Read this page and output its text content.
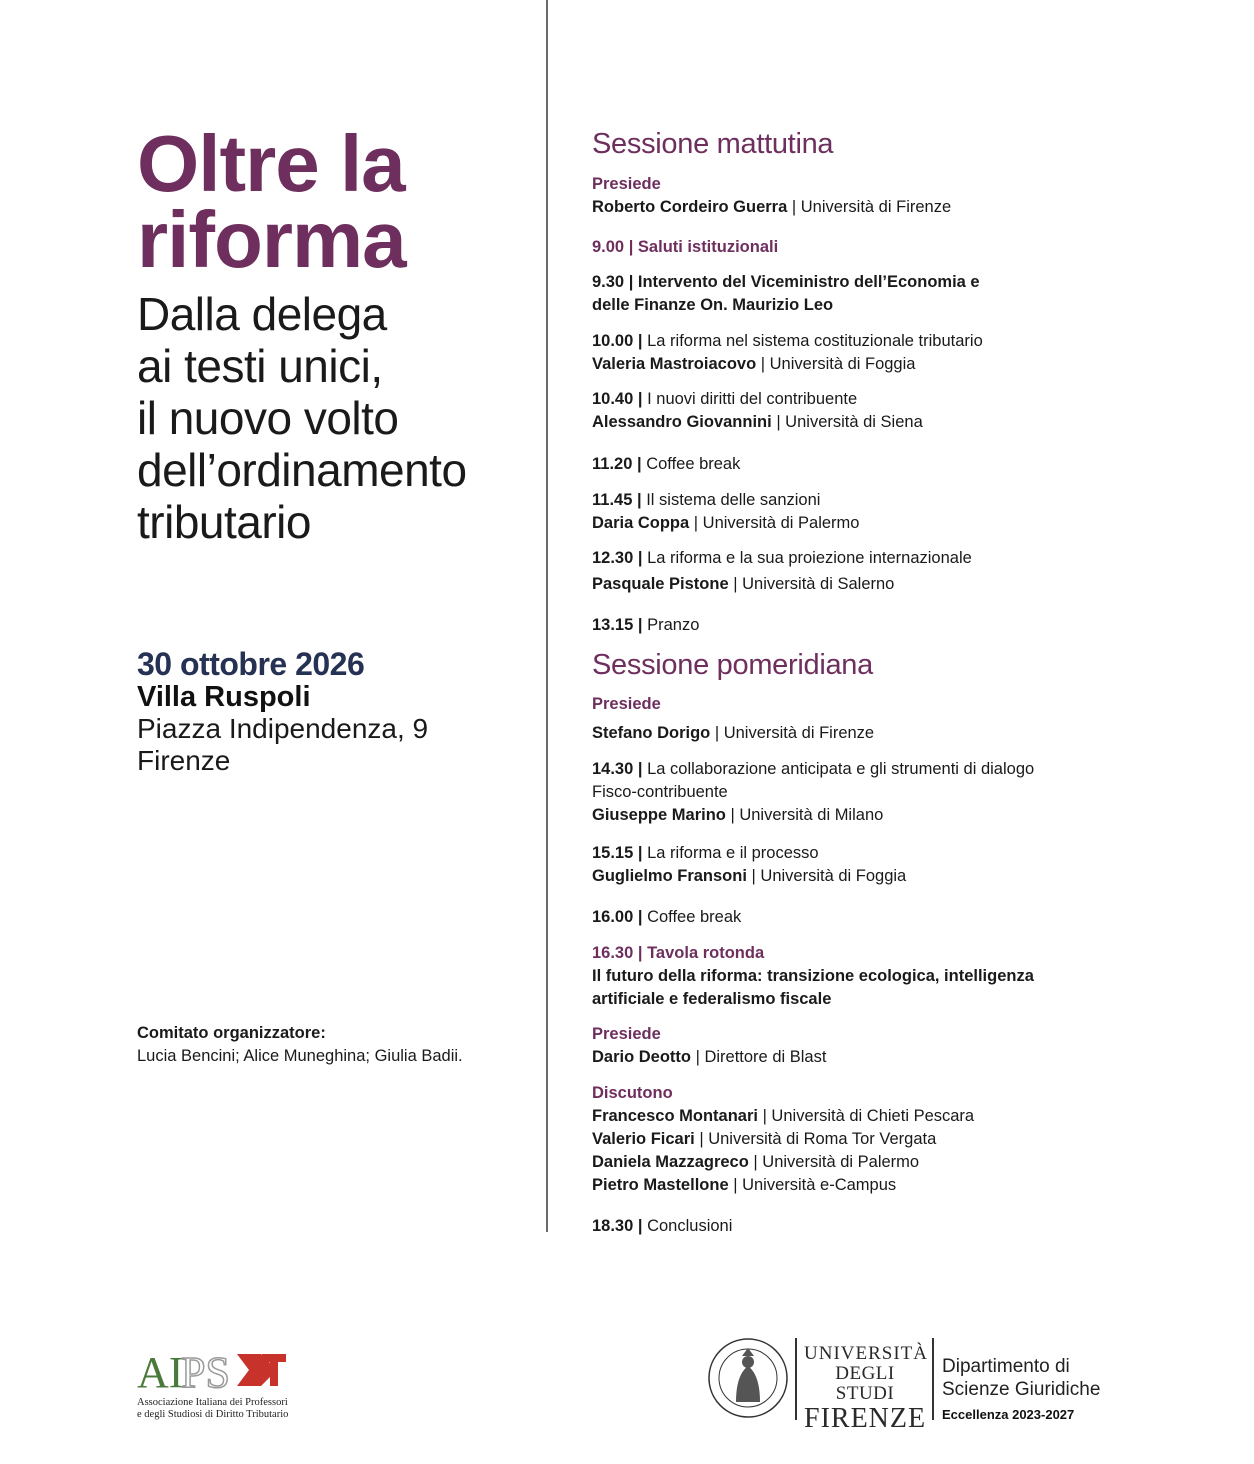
Oltre la
riforma
Dalla delega
ai testi unici,
il nuovo volto
dell’ordinamento
tributario
30 ottobre 2026
Villa Ruspoli
Piazza Indipendenza, 9
Firenze
Comitato organizzatore:
Lucia Bencini; Alice Muneghina; Giulia Badii.
Sessione mattutina
Presiede
Roberto Cordeiro Guerra | Università di Firenze
9.00 | Saluti istituzionali
9.30 | Intervento del Viceministro dell’Economia e
delle Finanze On. Maurizio Leo
10.00 | La riforma nel sistema costituzionale tributario
Valeria Mastroiacovo | Università di Foggia
10.40 | I nuovi diritti del contribuente
Alessandro Giovannini | Università di Siena
11.20 | Coffee break
11.45 | Il sistema delle sanzioni
Daria Coppa | Università di Palermo
12.30 | La riforma e la sua proiezione internazionale
Pasquale Pistone | Università di Salerno
13.15 | Pranzo
Sessione pomeridiana
Presiede
Stefano Dorigo | Università di Firenze
14.30 | La collaborazione anticipata e gli strumenti di dialogo
Fisco-contribuente
Giuseppe Marino | Università di Milano
15.15 | La riforma e il processo
Guglielmo Fransoni | Università di Foggia
16.00 | Coffee break
16.30 | Tavola rotonda
Il futuro della riforma: transizione ecologica, intelligenza
artificiale e federalismo fiscale
Presiede
Dario Deotto | Direttore di Blast
Discutono
Francesco Montanari | Università di Chieti Pescara
Valerio Ficari | Università di Roma Tor Vergata
Daniela Mazzagreco | Università di Palermo
Pietro Mastellone | Università e-Campus
18.30 | Conclusioni
AI
PS
Associazione Italiana dei Professori
e degli Studiosi di Diritto Tributario
UNIVERSITÀ
DEGLI STUDI
FIRENZE
Dipartimento di
Scienze Giuridiche
Eccellenza 2023-2027
